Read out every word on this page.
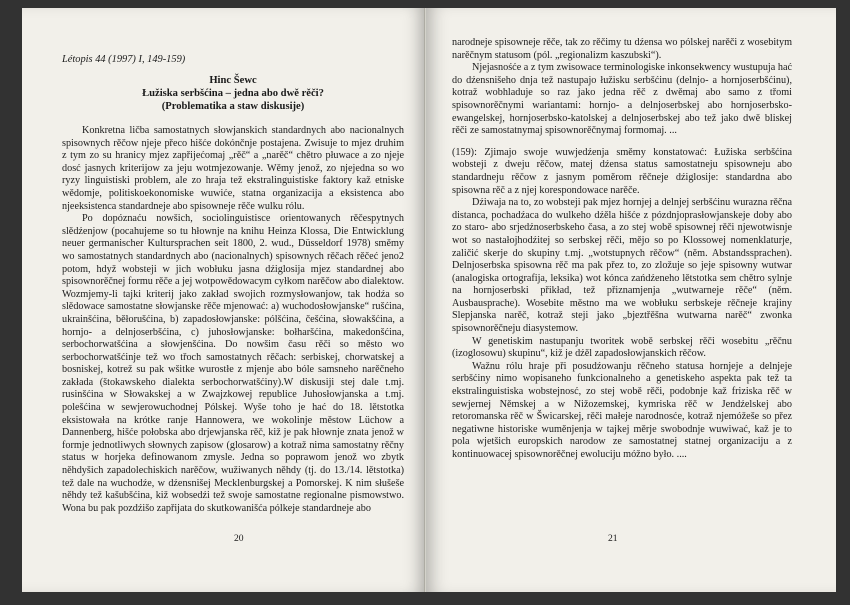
Létopis 44 (1997) I, 149-159)
Hinc Šewc
Łužiska serbšćina – jedna abo dwě rěči?
(Problematika a staw diskusije)

Konkretna ličba samostatnych słowjanskich standardnych abo nacionalnych spisownych rěčow njeje přeco hišće dokónčnje postajena. Zwisuje to mjez druhim z tym zo su hranicy mjez zapřijećomaj „rěč“ a „narěč“ chětro płuwace a zo njeje dosć jasnych kriterijow za jeju wotmjezowanje. Wěmy jenož, zo njejedna so wo ryzy linguistiski problem, ale zo hraja tež ekstralinguistiske faktory kaž etniske wědomje, politiskoekonomiske wuwiće, statna organizacija a eksistenca abo njeeksistenca standardneje abo spisowneje rěče wulku rólu.

Po dopóznaću nowšich, sociolinguistisce orientowanych rěčespytnych slědźenjow (pocahujeme so tu hłownje na knihu Heinza Klossa, Die Entwicklung neuer germanischer Kultursprachen seit 1800, 2. wud., Düsseldorf 1978) směmy wo samostatnych standardnych abo (nacionalnych) spisownych rěčach rěčeć jeno2 potom, hdyž wobsteji w jich wobłuku jasna dźiglosija mjez standardnej abo spisownorěčnej formu rěče a jej wotpowědowacym cyłkom narěčow abo dialektow. Wozmjemy-li tajki kriterij jako zakład swojich rozmysłowanjow, tak hodźa so slědowace samostatne słowjanske rěče mjenować: a) wuchodosłowjanske“ rušćina, ukrainšćina, běłorušćina, b) zapadosłowjanske: pólšćina, češćina, słowakšćina, a hornjo- a delnjoserbšćina, c) juhosłowjanske: bołharšćina, makedonšćina, serbochorwatšćina a słowjenšćina. Do nowšim času rěči so město wo serbochorwatšćinje tež wo třoch samostatnych rěčach: serbiskej, chorwatskej a bosniskej, kotrež su pak wšitke wurostłe z mjenje abo bóle samsneho narěčneho zakłada (štokawskeho dialekta serbochorwatšćiny).W diskusiji stej dale t.mj. rusinšćina w Słowakskej a w Zwajzkowej republice Juhosłowjanska a t.mj. polešćina w sewjerowuchodnej Pólskej. Wyše toho je hać do 18. lětstotka eksistowała na krótke ranje Hannowera, we wokolinje městow Lüchow a Dannenberg, hišće połobska abo drjewjanska rěč, kiž je pak hłownje znata jenož w formje jednotliwych słownych zapisow (glosarow) a kotraž nima samostatny rěčny status w horjeka definowanom zmysle. Jedna so poprawom jenož wo zbytk něhdyšich zapadolechiskich narěčow, wužiwanych něhdy (tj. do 13./14. lětstotka) tež dale na wuchodźe, w dźensnišej Mecklenburgskej a Pomorskej. K nim słušeše něhdy tež kašubšćina, kiž wobsedźi tež swoje samostatne regionalne pismowstwo. Wona bu pak pozdźišo zapřijata do skutkowanišća pólkeje standardneje abo

20

narodneje spisowneje rěče, tak zo rěčimy tu dźensa wo pólskej narěči z wosebitym narěčnym statusom (pól. „regionalizm kaszubski“).

Njejasnośće a z tym zwisowace terminologiske inkonsekwency wustupuja hać do dźensnišeho dnja tež nastupajo łužisku serbšćinu (delnjo- a hornjoserbšćinu), kotraž wobhladuje so raz jako jedna rěč z dwěmaj abo samo z třomi spisownorěčnymi wariantami: hornjo- a delnjoserbskej abo hornjoserbsko-ewangelskej, hornjoserbsko-katolskej a delnjoserbskej abo tež jako dwě bliskej rěči ze samostatnymaj spisownorěčnymaj formomaj. ...

(159): Zjimajo swoje wuwjedźenja směmy konstatować: Łužiska serbšćina wobsteji z dweju rěčow, matej dźensa status samostatneju spisowneju abo standardneju rěčow z jasnym poměrom rěčneje dźiglosije: standardna abo spisowna rěč a z njej korespondowace narěče.

Dźiwaja na to, zo wobsteji pak mjez hornjej a delnjej serbšćinu wurazna rěčna distanca, pochadźaca do wulkeho dźěla hišće z pózdnjoprasłowjanskeje doby abo zo staro- abo srjedźnoserbskeho časa, a zo stej wobě spisownej rěči njewotwisnje wot so nastałojhodźitej so serbskej rěči, mějo so po Klossowej nomenklaturje, zaličić skerje do skupiny t.mj. „wotstupnych rěčow“ (něm. Abstandssprachen). Delnjoserbska spisowna rěč ma pak přez to, zo zložuje so jeje spisowny wutwar (analogiska ortografija, leksika) wot kónca zańdźeneho lětstotka sem chětro sylnje na hornjoserbski přikład, tež přiznamjenja „wutwarneje rěče“ (něm. Ausbausprache). Wosebite městno ma we wobłuku serbskeje rěčneje krajiny Slepjanska narěč, kotraž steji jako „bjeztřěšna wutwarna narěč“ zwonka spisownorěčneju diasystemow.

W genetiskim nastupanju tworitek wobě serbskej rěči wosebitu „rěčnu (izoglosowu) skupinu“, kiž je dźěl zapadosłowjanskich rěčow.

Wažnu rólu hraje při posudźowanju rěčneho statusa hornjeje a delnjeje serbšćiny nimo wopisaneho funkcionalneho a genetiskeho aspekta pak tež ta ekstralinguistiska wobstejnosć, zo stej wobě rěči, podobnje kaž friziska rěč w sewjernej Němskej a w Nižozemskej, kymriska rěč w Jendźelskej abo retoromanska rěč w Šwicarskej, rěči małeje narodnosće, kotraž njemóžeše so přez negatiwne historiske wuměnjenja w tajkej měrje swobodnje wuwiwać, kaž je to pola wjetšich europskich narodow ze samostatnej statnej organizaciju a z kontinuowacej spisownorěčnej ewoluciju móžno było. ....

21
